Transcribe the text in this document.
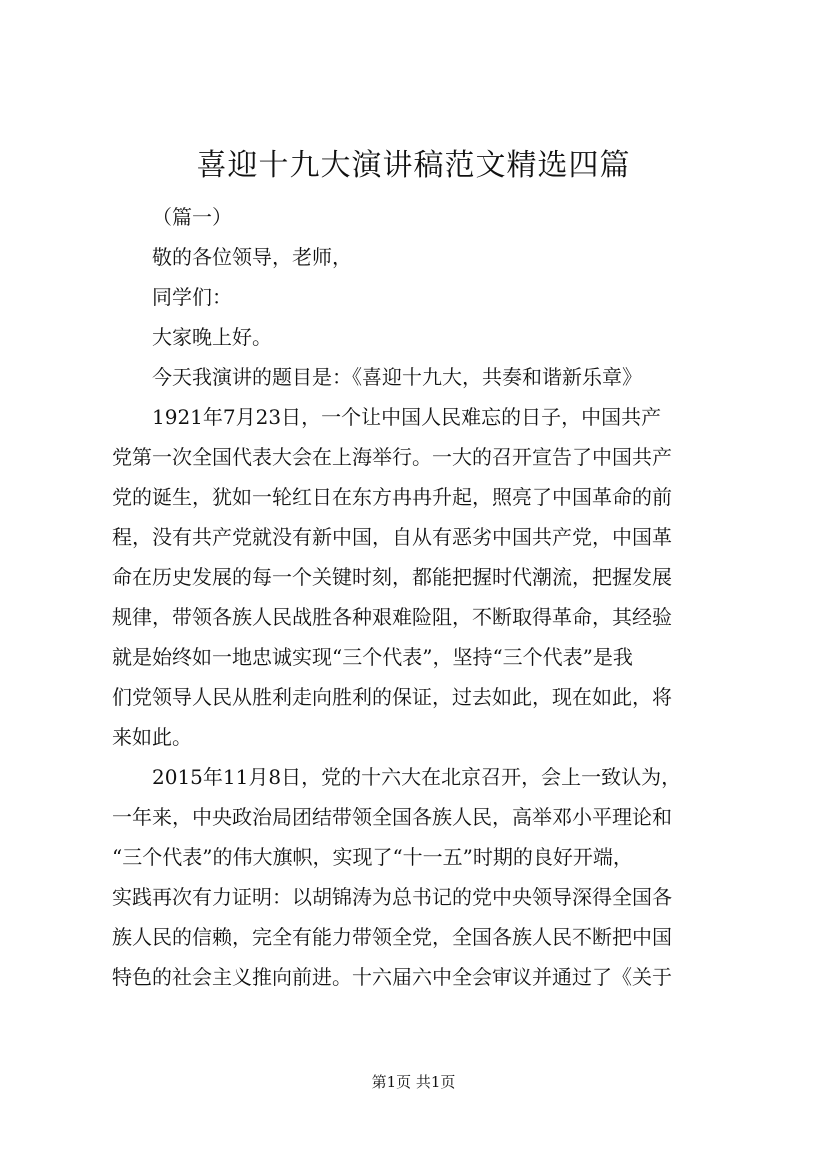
喜迎十九大演讲稿范文精选四篇
（篇一）
敬的各位领导，老师，
同学们：
大家晚上好。
今天我演讲的题目是：《喜迎十九大，共奏和谐新乐章》
1921年7月23日，一个让中国人民难忘的日子，中国共产
党第一次全国代表大会在上海举行。一大的召开宣告了中国共产
党的诞生，犹如一轮红日在东方冉冉升起，照亮了中国革命的前
程，没有共产党就没有新中国，自从有恶劣中国共产党，中国革
命在历史发展的每一个关键时刻，都能把握时代潮流，把握发展
规律，带领各族人民战胜各种艰难险阻，不断取得革命，其经验
就是始终如一地忠诚实现“三个代表”，坚持“三个代表”是我
们党领导人民从胜利走向胜利的保证，过去如此，现在如此，将
来如此。
2015年11月8日，党的十六大在北京召开，会上一致认为，
一年来，中央政治局团结带领全国各族人民，高举邓小平理论和
“三个代表”的伟大旗帜，实现了“十一五”时期的良好开端，
实践再次有力证明：以胡锦涛为总书记的党中央领导深得全国各
族人民的信赖，完全有能力带领全党，全国各族人民不断把中国
特色的社会主义推向前进。十六届六中全会审议并通过了《关于
第1页 共1页
